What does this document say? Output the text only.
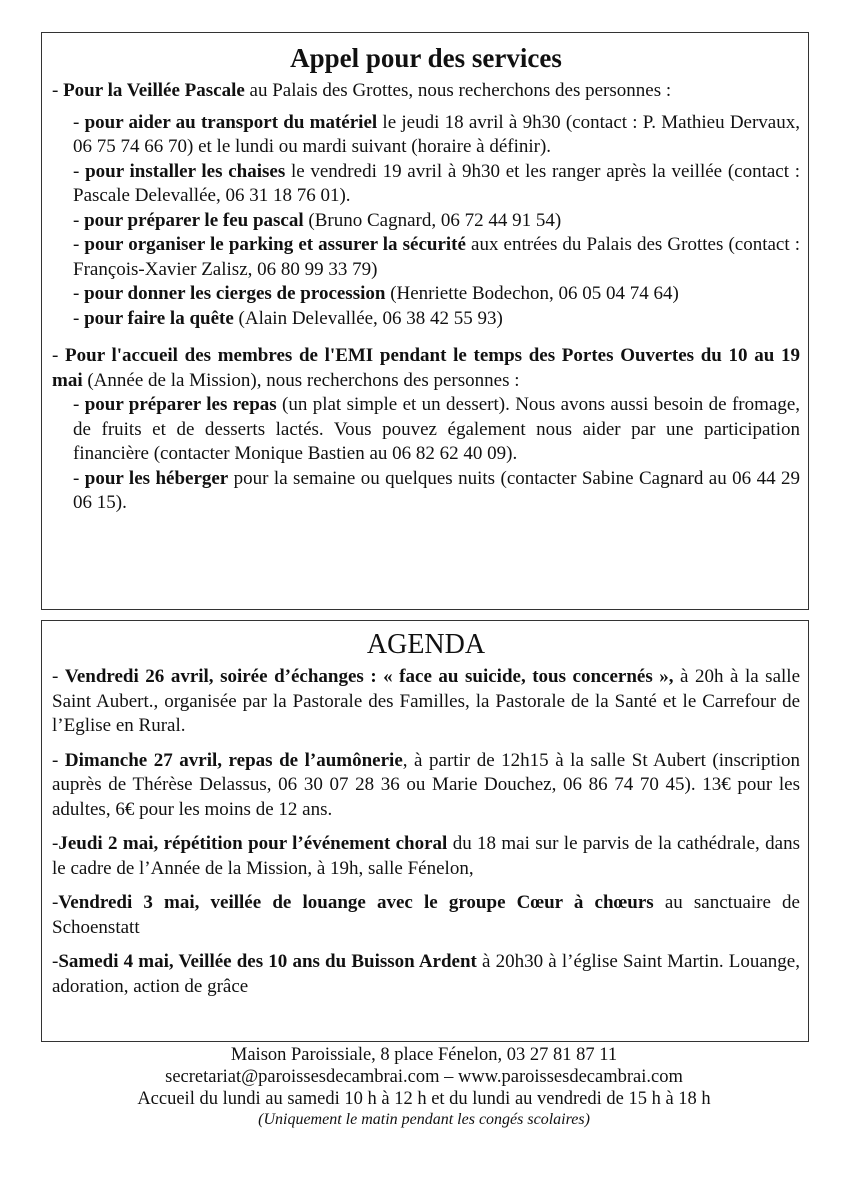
Appel pour des services

- Pour la Veillée Pascale au Palais des Grottes, nous recherchons des personnes :

- pour aider au transport du matériel le jeudi 18 avril à 9h30 (contact : P. Mathieu Dervaux, 06 75 74 66 70) et le lundi ou mardi suivant (horaire à définir).

- pour installer les chaises le vendredi 19 avril à 9h30 et les ranger après la veillée (contact : Pascale Delevallée, 06 31 18 76 01).

- pour préparer le feu pascal (Bruno Cagnard, 06 72 44 91 54)

- pour organiser le parking et assurer la sécurité aux entrées du Palais des Grottes (contact : François-Xavier Zalisz, 06 80 99 33 79)

- pour donner les cierges de procession (Henriette Bodechon, 06 05 04 74 64)

- pour faire la quête (Alain Delevallée, 06 38 42 55 93)

- Pour l'accueil des membres de l'EMI pendant le temps des Portes Ouvertes du 10 au 19 mai (Année de la Mission), nous recherchons des personnes :

- pour préparer les repas (un plat simple et un dessert). Nous avons aussi besoin de fromage, de fruits et de desserts lactés. Vous pouvez également nous aider par une participation financière (contacter Monique Bastien au 06 82 62 40 09).

- pour les héberger pour la semaine ou quelques nuits (contacter Sabine Cagnard au 06 44 29 06 15).

AGENDA

- Vendredi 26 avril, soirée d’échanges : « face au suicide, tous concernés », à 20h à la salle Saint Aubert., organisée par la Pastorale des Familles, la Pastorale de la Santé et le Carrefour de l’Eglise en Rural.

- Dimanche 27 avril, repas de l’aumônerie, à partir de 12h15 à la salle St Aubert (inscription auprès de Thérèse Delassus, 06 30 07 28 36 ou Marie Douchez, 06 86 74 70 45). 13€ pour les adultes, 6€ pour les moins de 12 ans.

-Jeudi 2 mai, répétition pour l’événement choral du 18 mai sur le parvis de la cathédrale, dans le cadre de l’Année de la Mission, à 19h, salle Fénelon,

-Vendredi 3 mai, veillée de louange avec le groupe Cœur à chœurs au sanctuaire de Schoenstatt

-Samedi 4 mai, Veillée des 10 ans du Buisson Ardent à 20h30 à l’église Saint Martin. Louange, adoration, action de grâce

Maison Paroissiale, 8 place Fénelon, 03 27 81 87 11
secretariat@paroissesdecambrai.com – www.paroissesdecambrai.com
Accueil du lundi au samedi 10 h à 12 h et du lundi au vendredi de 15 h à 18 h
(Uniquement le matin pendant les congés scolaires)
